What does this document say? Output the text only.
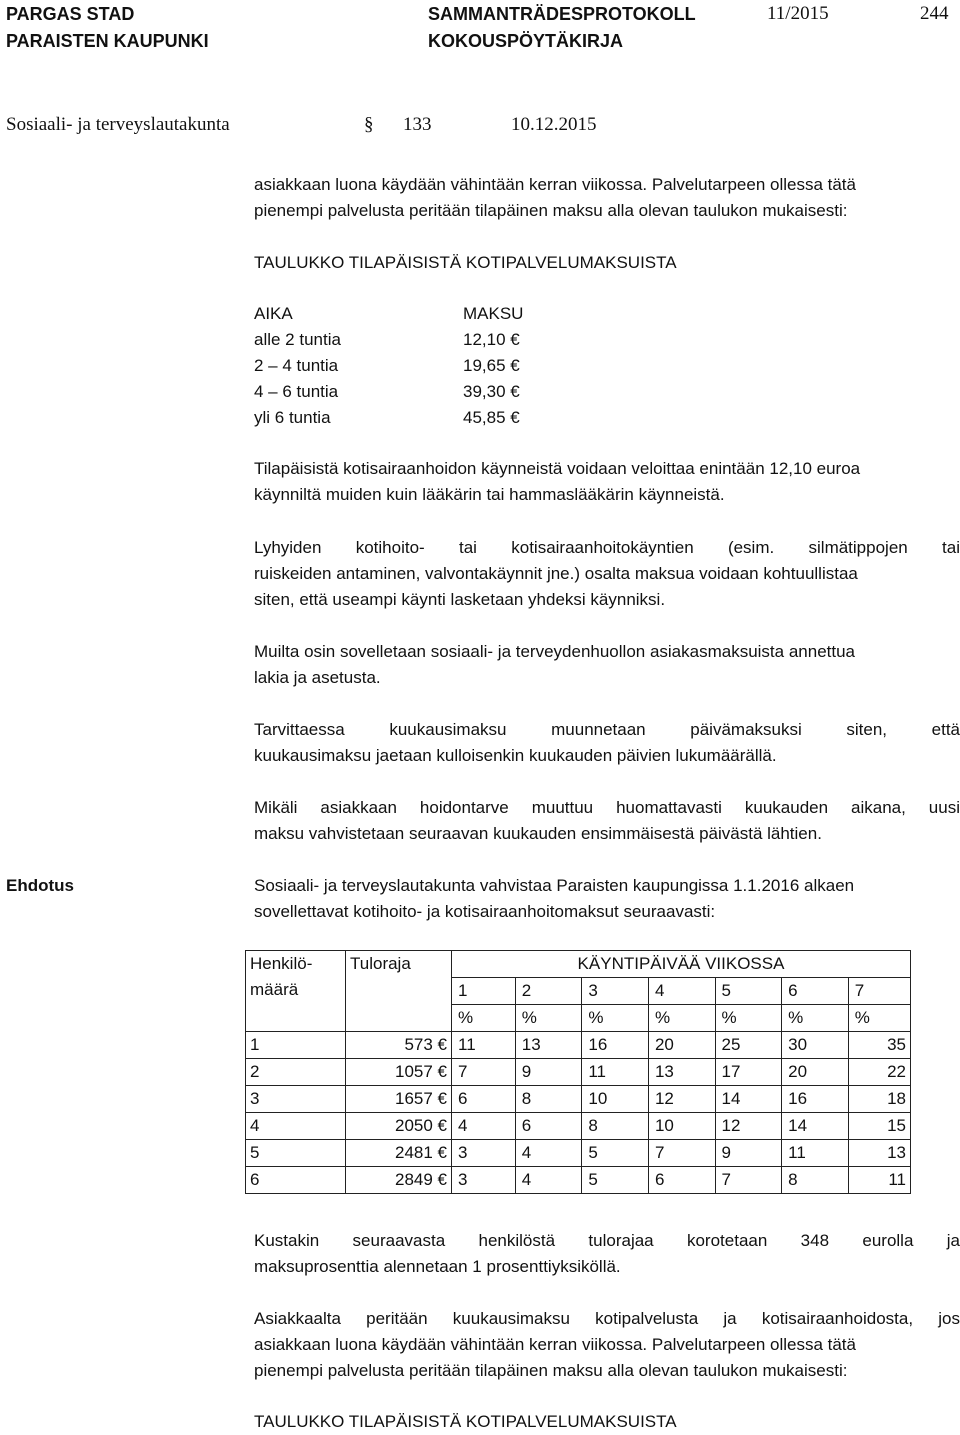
PARGAS STAD
PARAISTEN KAUPUNKI
SAMMANTRÄDESPROTOKOLL
KOKOUSPÖYTÄKIRJA
11/2015	244
Sosiaali- ja terveyslautakunta	§ 133	10.12.2015
asiakkaan luona käydään vähintään kerran viikossa. Palvelutarpeen ollessa tätä
pienempi palvelusta peritään tilapäinen maksu alla olevan taulukon mukaisesti:
TAULUKKO TILAPÄISISTÄ KOTIPALVELUMAKSUISTA
AIKA	MAKSU
alle 2 tuntia	12,10 €
2 – 4 tuntia	19,65 €
4 – 6 tuntia	39,30 €
yli 6 tuntia	45,85 €
Tilapäisistä kotisairaanhoidon käynneistä voidaan veloittaa enintään 12,10 euroa
käynniltä muiden kuin lääkärin tai hammaslääkärin käynneistä.
Lyhyiden kotihoito- tai kotisairaanhoitokäyntien (esim. silmätippojen tai
ruiskeiden antaminen, valvontakäynnit jne.) osalta maksua voidaan kohtuullistaa
siten, että useampi käynti lasketaan yhdeksi käynniksi.
Muilta osin sovelletaan sosiaali- ja terveydenhuollon asiakasmaksuista annettua
lakia ja asetusta.
Tarvittaessa kuukausimaksu muunnetaan päivämaksuksi siten, että
kuukausimaksu jaetaan kulloisenkin kuukauden päivien lukumäärällä.
Mikäli asiakkaan hoidontarve muuttuu huomattavasti kuukauden aikana, uusi
maksu vahvistetaan seuraavan kuukauden ensimmäisestä päivästä lähtien.
Ehdotus	Sosiaali- ja terveyslautakunta vahvistaa Paraisten kaupungissa 1.1.2016 alkaen
sovellettavat kotihoito- ja kotisairaanhoitomaksut seuraavasti:
Henkilö-
määrä	Tuloraja	KÄYNTIPÄIVÄÄ VIIKOSSA						
		1	2	3	4	5	6	7
		%	%	%	%	%	%	%
1	573 €	11	13	16	20	25	30	35
2	1057 €	7	9	11	13	17	20	22
3	1657 €	6	8	10	12	14	16	18
4	2050 €	4	6	8	10	12	14	15
5	2481 €	3	4	5	7	9	11	13
6	2849 €	3	4	5	6	7	8	11
Kustakin seuraavasta henkilöstä tulorajaa korotetaan 348 eurolla ja
maksuprosenttia alennetaan 1 prosenttiyksiköllä.
Asiakkaalta peritään kuukausimaksu kotipalvelusta ja kotisairaanhoidosta, jos
asiakkaan luona käydään vähintään kerran viikossa. Palvelutarpeen ollessa tätä
pienempi palvelusta peritään tilapäinen maksu alla olevan taulukon mukaisesti:
TAULUKKO TILAPÄISISTÄ KOTIPALVELUMAKSUISTA
